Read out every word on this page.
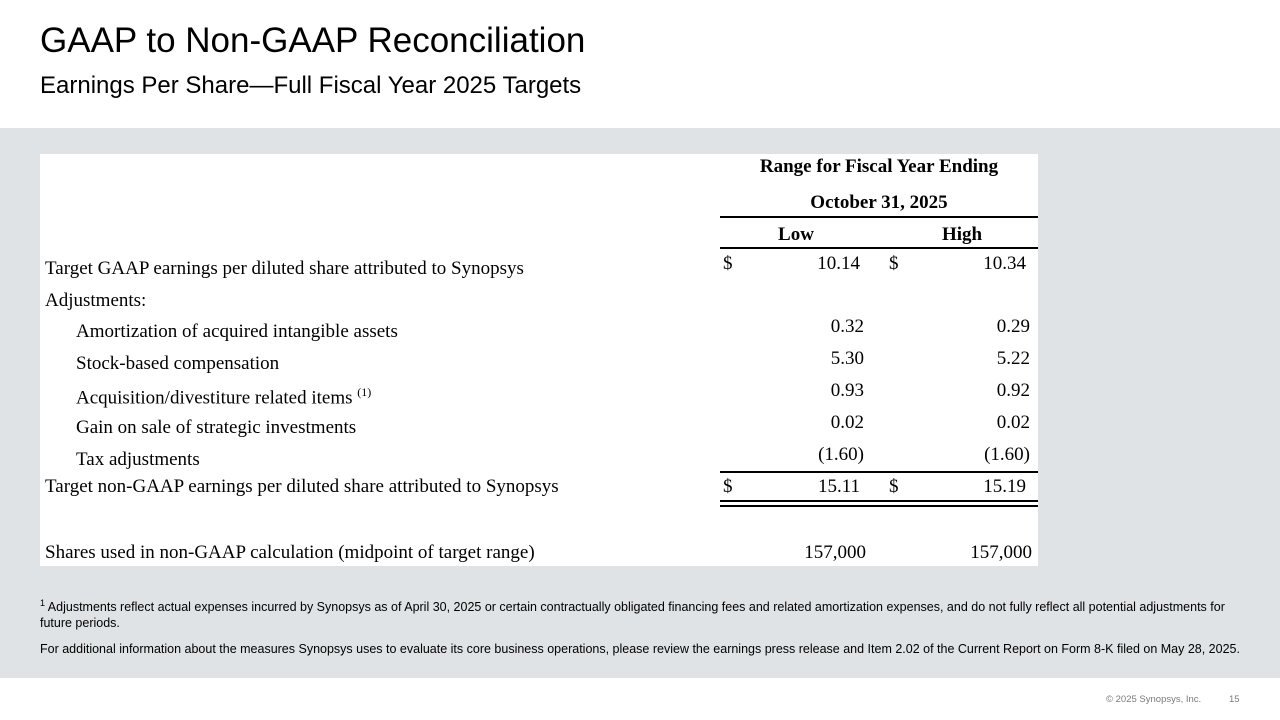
GAAP to Non-GAAP Reconciliation
Earnings Per Share—Full Fiscal Year 2025 Targets
Range for Fiscal Year Ending
October 31, 2025
Low	High
Target GAAP earnings per diluted share attributed to Synopsys	$	10.14 $	10.34
Adjustments:
Amortization of acquired intangible assets	0.32	0.29
Stock-based compensation	5.30	5.22
Acquisition/divestiture related items $^{(1)}$	0.93	0.92
Gain on sale of strategic investments	0.02	0.02
Tax adjustments	(1.60)	(1.60)
Target non-GAAP earnings per diluted share attributed to Synopsys	$	15.11 $	15.19
Shares used in non-GAAP calculation (midpoint of target range)	157,000	157,000

$^1$ Adjustments reflect actual expenses incurred by Synopsys as of April 30, 2025 or certain contractually obligated financing fees and related amortization expenses, and do not fully reflect all potential adjustments for future periods.

For additional information about the measures Synopsys uses to evaluate its core business operations, please review the earnings press release and Item 2.02 of the Current Report on Form 8-K filed on May 28, 2025.

© 2025 Synopsys, Inc.	15
